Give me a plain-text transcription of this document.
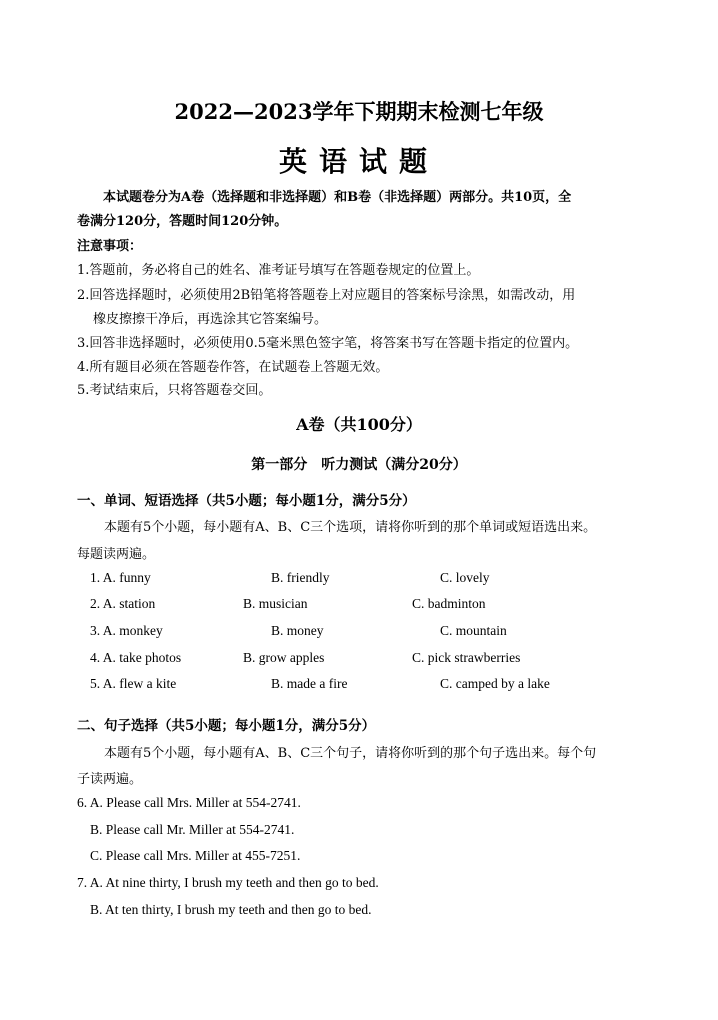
2022—2023学年下期期末检测七年级
英语试题
本试题卷分为A卷（选择题和非选择题）和B卷（非选择题）两部分。共10页，全
卷满分120分，答题时间120分钟。
注意事项：
1.答题前，务必将自己的姓名、准考证号填写在答题卷规定的位置上。
2.回答选择题时，必须使用2B铅笔将答题卷上对应题目的答案标号涂黑，如需改动，用
橡皮擦擦干净后，再选涂其它答案编号。
3.回答非选择题时，必须使用0.5毫米黑色签字笔，将答案书写在答题卡指定的位置内。
4.所有题目必须在答题卷作答，在试题卷上答题无效。
5.考试结束后，只将答题卷交回。
A卷（共100分）
第一部分　听力测试（满分20分）
一、单词、短语选择（共5小题；每小题1分，满分5分）
本题有5个小题，每小题有A、B、C三个选项，请将你听到的那个单词或短语选出来。
每题读两遍。
1. A. funny	B. friendly	C. lovely
2. A. station	B. musician	C. badminton
3. A. monkey	B. money	C. mountain
4. A. take photos	B. grow apples	C. pick strawberries
5. A. flew a kite	B. made a fire	C. camped by a lake
二、句子选择（共5小题；每小题1分，满分5分）
本题有5个小题，每小题有A、B、C三个句子，请将你听到的那个句子选出来。每个句
子读两遍。
6. A. Please call Mrs. Miller at 554-2741.
B. Please call Mr. Miller at 554-2741.
C. Please call Mrs. Miller at 455-7251.
7. A. At nine thirty, I brush my teeth and then go to bed.
B. At ten thirty, I brush my teeth and then go to bed.
